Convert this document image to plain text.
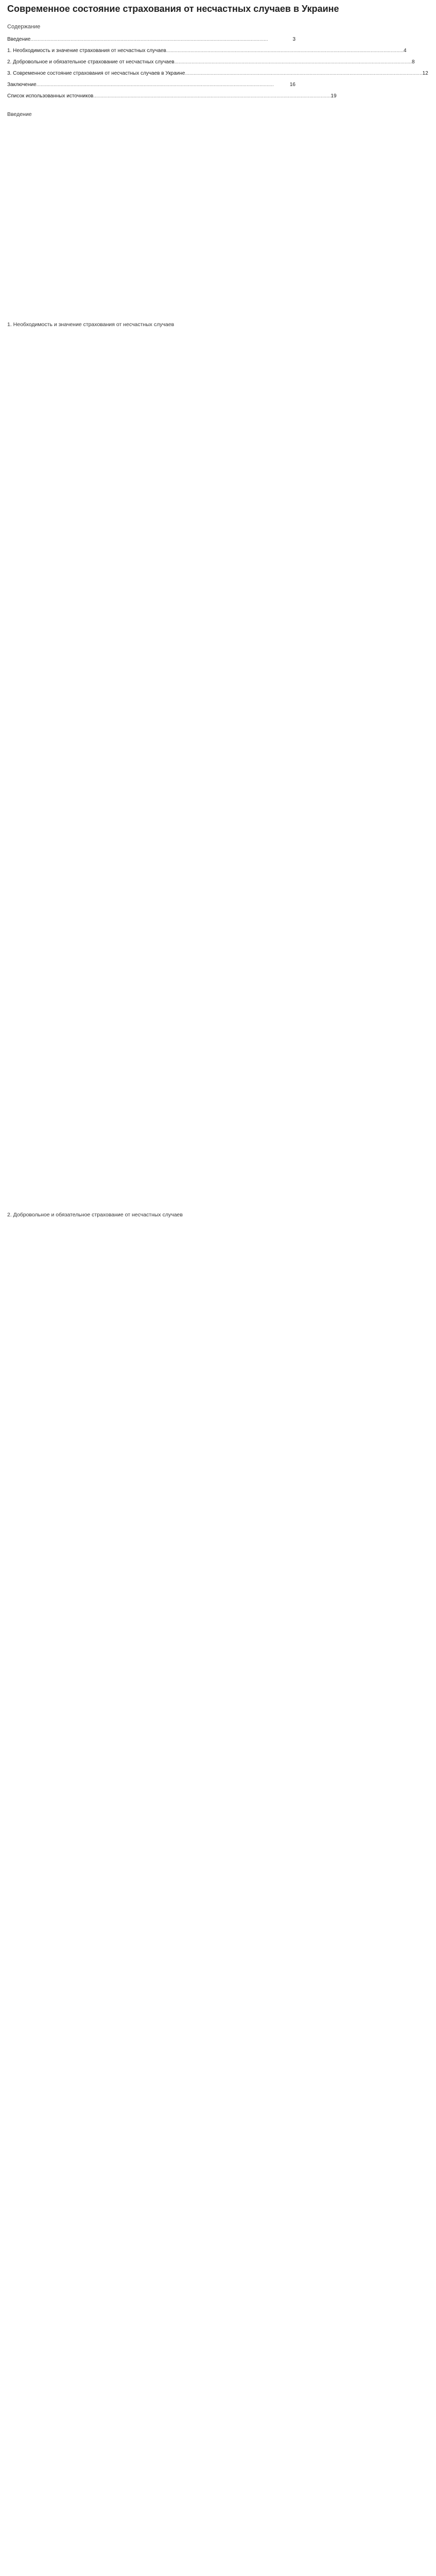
Современное состояние страхования от несчастных случаев в Украине
Содержание
Введение ......................................................................................................................................................................	3
1. Необходимость и значение страхования от несчастных случаев ...................................................................................................................................................................... 4
2. Добровольное и обязательное страхование от несчастных случаев ...................................................................................................................................................................... 8
3. Современное состояние страхования от несчастных случаев в Украине ...................................................................................................................................................................... 12
Заключение ......................................................................................................................................................................	16
Список использованных источников ...................................................................................................................................................................... 19
Введение
1. Необходимость и значение страхования от несчастных случаев
2. Добровольное и обязательное страхование от несчастных случаев
